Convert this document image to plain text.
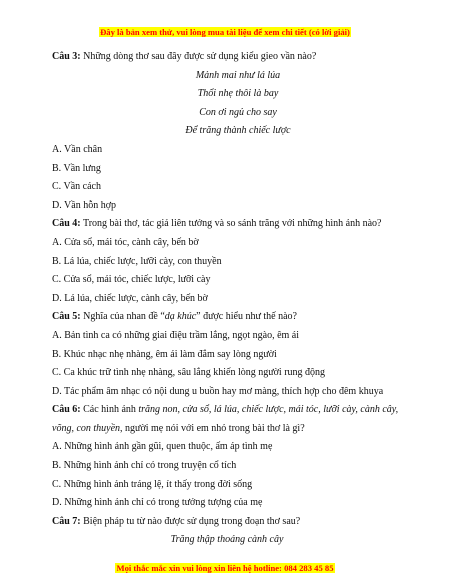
Đây là bản xem thử, vui lòng mua tài liệu để xem chi tiết (có lời giải)
Câu 3: Những dòng thơ sau đây được sử dụng kiểu gieo vần nào?
Mảnh mai như lá lúa
Thổi nhẹ thôi là bay
Con ơi ngủ cho say
Để trăng thành chiếc lược
A. Vần chân
B. Vần lưng
C. Vần cách
D. Vần hỗn hợp
Câu 4: Trong bài thơ, tác giả liên tưởng và so sánh trăng với những hình ảnh nào?
A. Cửa sổ, mái tóc, cành cây, bến bờ
B. Lá lúa, chiếc lược, lưỡi cày, con thuyền
C. Cửa sổ, mái tóc, chiếc lược, lưỡi cày
D. Lá lúa, chiếc lược, cành cây, bến bờ
Câu 5: Nghĩa của nhan đề “dạ khúc” được hiểu như thế nào?
A. Bản tình ca có những giai điệu trầm lắng, ngọt ngào, êm ái
B. Khúc nhạc nhẹ nhàng, êm ái làm đắm say lòng người
C. Ca khúc trữ tình nhẹ nhàng, sâu lắng khiến lòng người rung động
D. Tác phẩm âm nhạc có nội dung u buồn hay mơ màng, thích hợp cho đêm khuya
Câu 6: Các hình ảnh trăng non, cửa sổ, lá lúa, chiếc lược, mái tóc, lưỡi cày, cành cây, võng, con thuyền, người mẹ nói với em nhỏ trong bài thơ là gì?
A. Những hình ảnh gần gũi, quen thuộc, ấm áp tình mẹ
B. Những hình ảnh chỉ có trong truyện cổ tích
C. Những hình ảnh tráng lệ, ít thấy trong đời sống
D. Những hình ảnh chỉ có trong tưởng tượng của mẹ
Câu 7: Biện pháp tu từ nào được sử dụng trong đoạn thơ sau?
Trăng thập thoáng cành cây
Mọi thắc mắc xin vui lòng xin liên hệ hotline: 084 283 45 85
